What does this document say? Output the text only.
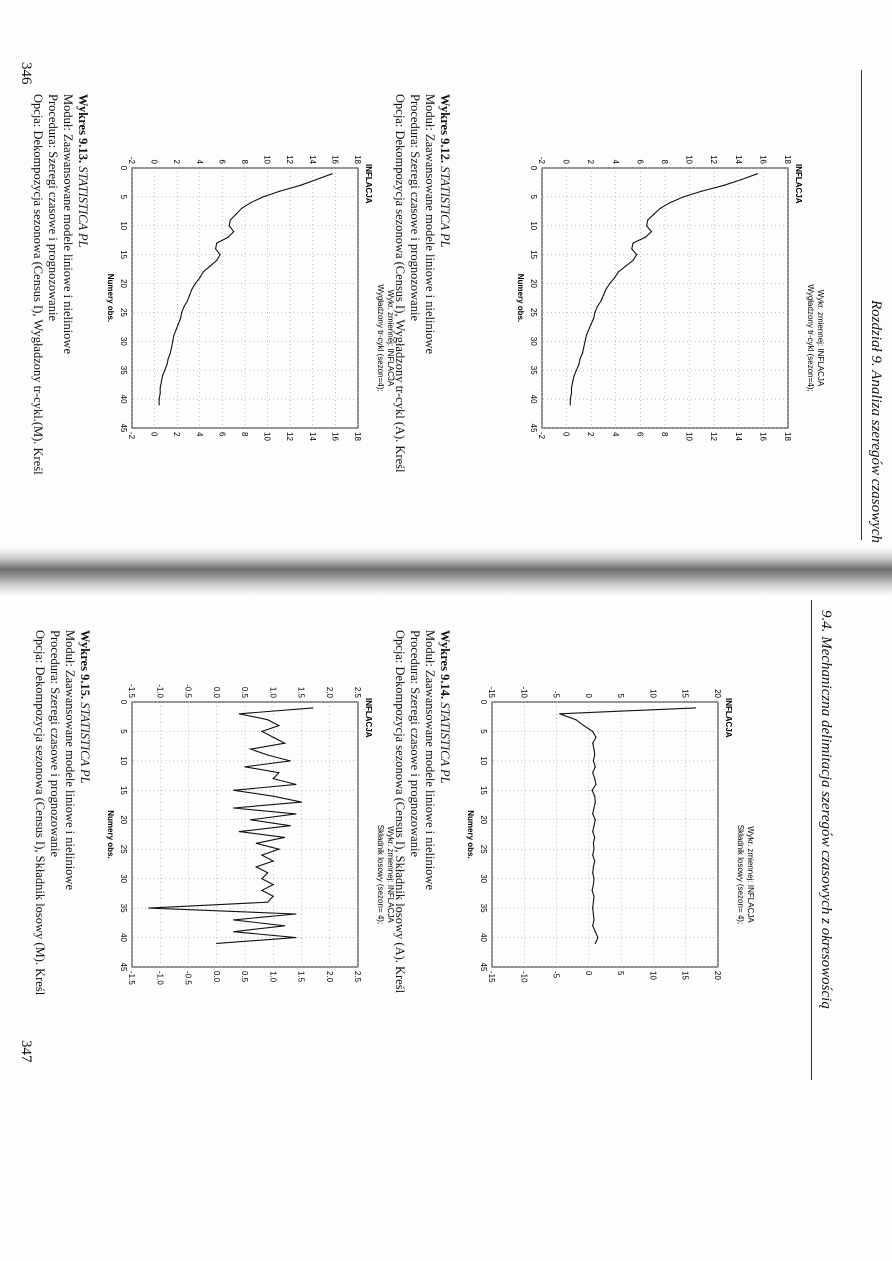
Rozdział 9. Analiza szeregów czasowych
346
Wykr. zmiennej: INFLACJA
Wygładzony tr-cykl (sezon=4);
INFLACJA
-2
-2
0
0
2
2
4
4
6
6
8
8
10
10
12
12
14
14
16
16
18
18
0
5
10
15
20
25
30
35
40
45
Numery obs.
Wykres 9.12. STATISTICA PL
Moduł: Zaawansowane modele liniowe i nieliniowe
Procedura: Szeregi czasowe i prognozowanie
Opcja: Dekompozycja sezonowa (Census I), Wygładzony tr-cykl (A). Kreśl
Wykr. zmiennej: INFLACJA
Wygładzony tr-cykl (sezon=4);
INFLACJA
-2
-2
0
0
2
2
4
4
6
6
8
8
10
10
12
12
14
14
16
16
18
18
0
5
10
15
20
25
30
35
40
45
Numery obs.
Wykres 9.13. STATISTICA PL
Moduł: Zaawansowane modele liniowe i nieliniowe
Procedura: Szeregi czasowe i prognozowanie
Opcja: Dekompozycja sezonowa (Census I), Wygładzony tr-cykl.(M). Kreśl
9.4. Mechaniczna delimitacja szeregów czasowych z okresowością
347
Wykr. zmiennej: INFLACJA
Składnik losowy (sezon= 4);
INFLACJA
-15
-15
-10
-10
-5
-5
0
0
5
5
10
10
15
15
20
20
0
5
10
15
20
25
30
35
40
45
Numery obs.
Wykres 9.14. STATISTICA PL
Moduł: Zaawansowane modele liniowe i nieliniowe
Procedura: Szeregi czasowe i prognozowanie
Opcja: Dekompozycja sezonowa (Census I), Składnik losowy (A). Kreśl
Wykr. zmiennej: INFLACJA
Składnik losowy (sezon= 4);
INFLACJA
-1.5
-1.5
-1.0
-1.0
-0.5
-0.5
0.0
0.0
0.5
0.5
1.0
1.0
1.5
1.5
2.0
2.0
2.5
2.5
0
5
10
15
20
25
30
35
40
45
Numery obs.
Wykres 9.15. STATISTICA PL
Moduł: Zaawansowane modele liniowe i nieliniowe
Procedura: Szeregi czasowe i prognozowanie
Opcja: Dekompozycja sezonowa (Census I), Składnik losowy (M). Kreśl
